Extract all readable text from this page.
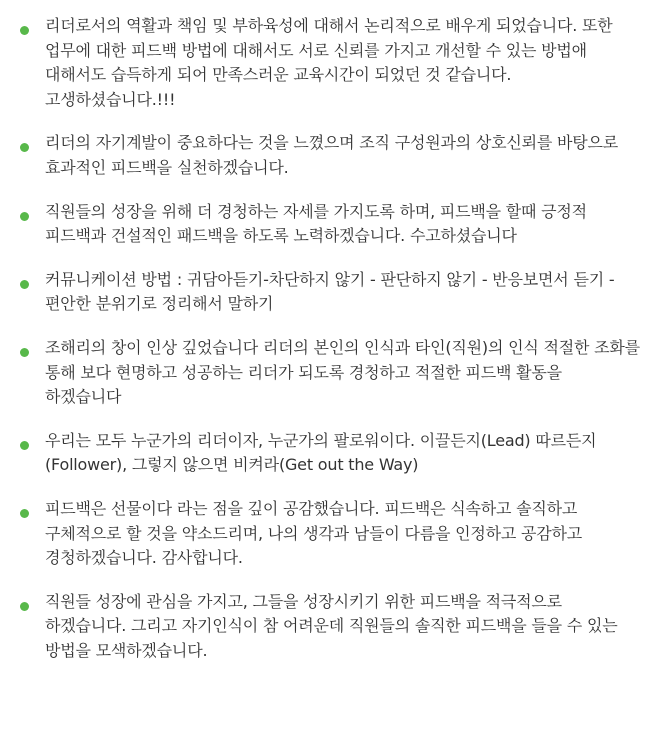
리더로서의 역활과 책임 및 부하육성에 대해서 논리적으로 배우게 되었습니다. 또한 업무에 대한 피드백 방법에 대해서도 서로 신뢰를 가지고 개선할 수 있는 방법애 대해서도 습득하게 되어 만족스러운 교육시간이 되었던 것 같습니다. 고생하셨습니다.!!!
리더의 자기계발이 중요하다는 것을 느꼈으며 조직 구성원과의 상호신뢰를 바탕으로 효과적인 피드백을 실천하겠습니다.
직원들의 성장을 위해 더 경청하는 자세를 가지도록 하며, 피드백을 할때 긍정적 피드백과 건설적인 패드백을 하도록 노력하겠습니다. 수고하셨습니다
커뮤니케이션 방법 : 귀담아듣기-차단하지 않기 - 판단하지 않기 - 반응보면서 듣기 - 편안한 분위기로 정리해서 말하기
조해리의 창이 인상 깊었습니다 리더의 본인의 인식과 타인(직원)의 인식 적절한 조화를 통해 보다 현명하고 성공하는 리더가 되도록 경청하고 적절한 피드백 활동을 하겠습니다
우리는 모두 누군가의 리더이자, 누군가의 팔로워이다. 이끌든지(Lead) 따르든지(Follower), 그렇지 않으면 비켜라(Get out the Way)
피드백은 선물이다 라는 점을 깊이 공감했습니다. 피드백은 식속하고 솔직하고 구체적으로 할 것을 약소드리며, 나의 생각과 남들이 다름을 인정하고 공감하고 경청하겠습니다. 감사합니다.
직원들 성장에 관심을 가지고, 그들을 성장시키기 위한 피드백을 적극적으로 하겠습니다. 그리고 자기인식이 참 어려운데 직원들의 솔직한 피드백을 들을 수 있는 방법을 모색하겠습니다.
